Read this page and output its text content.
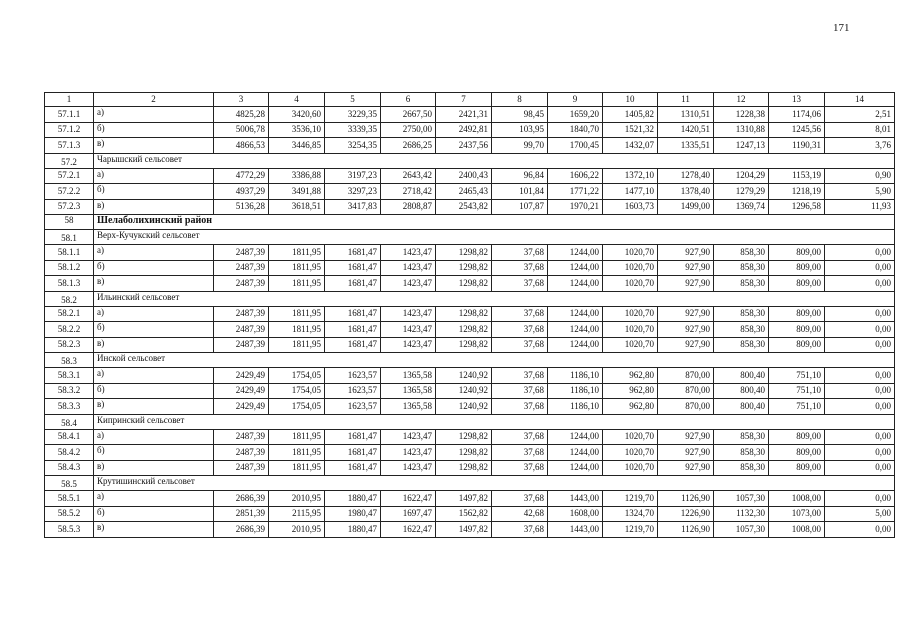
171
1	2	3	4	5	6	7	8	9	10	11	12	13	14
57.1.1	а)	4825,28	3420,60	3229,35	2667,50	2421,31	98,45	1659,20	1405,82	1310,51	1228,38	1174,06	2,51
57.1.2	б)	5006,78	3536,10	3339,35	2750,00	2492,81	103,95	1840,70	1521,32	1420,51	1310,88	1245,56	8,01
57.1.3	в)	4866,53	3446,85	3254,35	2686,25	2437,56	99,70	1700,45	1432,07	1335,51	1247,13	1190,31	3,76
57.2	Чарышский сельсовет												
57.2.1	а)	4772,29	3386,88	3197,23	2643,42	2400,43	96,84	1606,22	1372,10	1278,40	1204,29	1153,19	0,90
57.2.2	б)	4937,29	3491,88	3297,23	2718,42	2465,43	101,84	1771,22	1477,10	1378,40	1279,29	1218,19	5,90
57.2.3	в)	5136,28	3618,51	3417,83	2808,87	2543,82	107,87	1970,21	1603,73	1499,00	1369,74	1296,58	11,93
58	Шелаболихинский район												
58.1	Верх-Кучукский сельсовет												
58.1.1	а)	2487,39	1811,95	1681,47	1423,47	1298,82	37,68	1244,00	1020,70	927,90	858,30	809,00	0,00
58.1.2	б)	2487,39	1811,95	1681,47	1423,47	1298,82	37,68	1244,00	1020,70	927,90	858,30	809,00	0,00
58.1.3	в)	2487,39	1811,95	1681,47	1423,47	1298,82	37,68	1244,00	1020,70	927,90	858,30	809,00	0,00
58.2	Ильинский сельсовет												
58.2.1	а)	2487,39	1811,95	1681,47	1423,47	1298,82	37,68	1244,00	1020,70	927,90	858,30	809,00	0,00
58.2.2	б)	2487,39	1811,95	1681,47	1423,47	1298,82	37,68	1244,00	1020,70	927,90	858,30	809,00	0,00
58.2.3	в)	2487,39	1811,95	1681,47	1423,47	1298,82	37,68	1244,00	1020,70	927,90	858,30	809,00	0,00
58.3	Инской сельсовет												
58.3.1	а)	2429,49	1754,05	1623,57	1365,58	1240,92	37,68	1186,10	962,80	870,00	800,40	751,10	0,00
58.3.2	б)	2429,49	1754,05	1623,57	1365,58	1240,92	37,68	1186,10	962,80	870,00	800,40	751,10	0,00
58.3.3	в)	2429,49	1754,05	1623,57	1365,58	1240,92	37,68	1186,10	962,80	870,00	800,40	751,10	0,00
58.4	Кипринский сельсовет												
58.4.1	а)	2487,39	1811,95	1681,47	1423,47	1298,82	37,68	1244,00	1020,70	927,90	858,30	809,00	0,00
58.4.2	б)	2487,39	1811,95	1681,47	1423,47	1298,82	37,68	1244,00	1020,70	927,90	858,30	809,00	0,00
58.4.3	в)	2487,39	1811,95	1681,47	1423,47	1298,82	37,68	1244,00	1020,70	927,90	858,30	809,00	0,00
58.5	Крутишинский сельсовет												
58.5.1	а)	2686,39	2010,95	1880,47	1622,47	1497,82	37,68	1443,00	1219,70	1126,90	1057,30	1008,00	0,00
58.5.2	б)	2851,39	2115,95	1980,47	1697,47	1562,82	42,68	1608,00	1324,70	1226,90	1132,30	1073,00	5,00
58.5.3	в)	2686,39	2010,95	1880,47	1622,47	1497,82	37,68	1443,00	1219,70	1126,90	1057,30	1008,00	0,00
